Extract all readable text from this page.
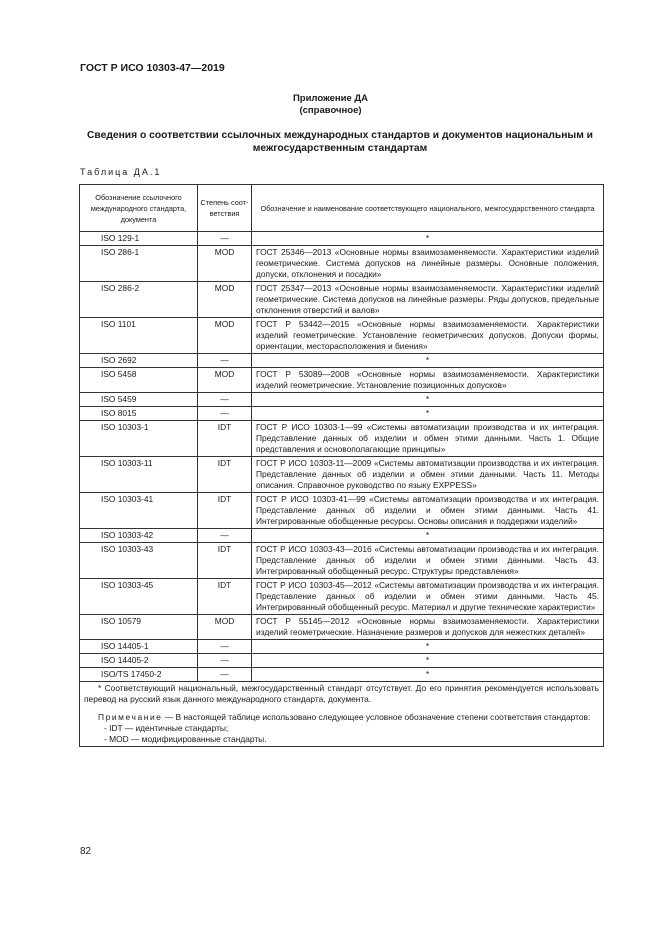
ГОСТ Р ИСО 10303-47—2019
Приложение ДА
(справочное)
Сведения о соответствии ссылочных международных стандартов и документов национальным и межгосударственным стандартам
Таблица ДА.1
Обозначение ссылочного международного стандарта, документа	Степень соот- ветствия	Обозначение и наименование соответствующего национального, межгосударственного стандарта
ISO 129-1	—	*
ISO 286-1	MOD	ГОСТ 25346—2013 «Основные нормы взаимозаменяемости. Характеристики изделий геометрические. Система допусков на линейные размеры. Основные положения, допуски, отклонения и посадки»
ISO 286-2	MOD	ГОСТ 25347—2013 «Основные нормы взаимозаменяемости. Характеристики изделий геометрические. Система допусков на линейные размеры. Ряды допусков, предельные отклонения отверстий и валов»
ISO 1101	MOD	ГОСТ Р 53442—2015 «Основные нормы взаимозаменяемости. Характеристики изделий геометрические. Установление геометрических допусков. Допуски формы, ориентации, месторасположения и биения»
ISO 2692	—	*
ISO 5458	MOD	ГОСТ Р 53089—2008 «Основные нормы взаимозаменяемости. Характеристики изделий геометрические. Установление позиционных допусков»
ISO 5459	—	*
ISO 8015	—	*
ISO 10303-1	IDT	ГОСТ Р ИСО 10303-1—99 «Системы автоматизации производства и их интеграция. Представление данных об изделии и обмен этими данными. Часть 1. Общие представления и основополагающие принципы»
ISO 10303-11	IDT	ГОСТ Р ИСО 10303-11—2009 «Системы автоматизации производства и их интеграция. Представление данных об изделии и обмен этими данными. Часть 11. Методы описания. Справочное руководство по языку EXPPESS»
ISO 10303-41	IDT	ГОСТ Р ИСО 10303-41—99 «Системы автоматизации производства и их интеграция. Представление данных об изделии и обмен этими данными. Часть 41. Интегрированные обобщенные ресурсы. Основы описания и поддержки изделий»
ISO 10303-42	—	*
ISO 10303-43	IDT	ГОСТ Р ИСО 10303-43—2016 «Системы автоматизации производства и их интеграция. Представление данных об изделии и обмен этими данными. Часть 43. Интегрированный обобщенный ресурс. Структуры представления»
ISO 10303-45	IDT	ГОСТ Р ИСО 10303-45—2012 «Системы автоматизации производства и их интеграция. Представление данных об изделии и обмен этими данными. Часть 45. Интегрированный обобщенный ресурс. Материал и другие технические характеристи»
ISO 10579	MOD	ГОСТ Р 55145—2012 «Основные нормы взаимозаменяемости. Характеристики изделий геометрические. Назначение размеров и допусков для нежестких деталей»
ISO 14405-1	—	*
ISO 14405-2	—	*
ISO/TS 17450-2	—	*

* Соответствующий национальный, межгосударственный стандарт отсутствует. До его принятия рекомендуется использовать перевод на русский язык данного международного стандарта, документа.

Примечание — В настоящей таблице использовано следующее условное обозначение степени соответствия стандартов:

- IDT — идентичные стандарты;

- MOD — модифицированные стандарты.		

82
